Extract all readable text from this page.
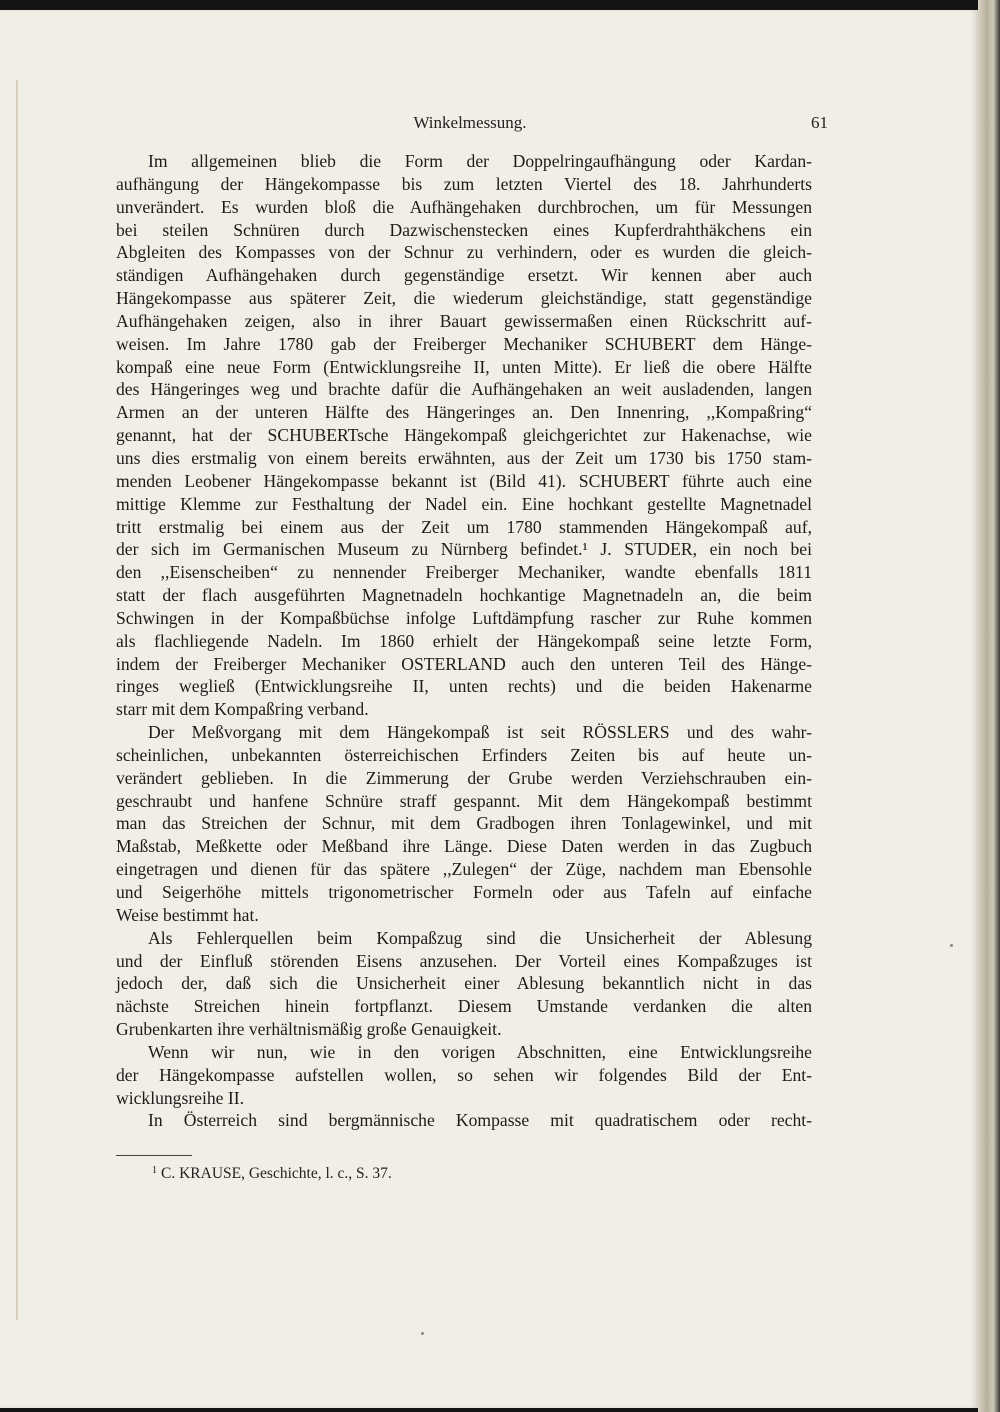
Winkelmessung.	61
Im allgemeinen blieb die Form der Doppelringaufhängung oder Kardan-
aufhängung der Hängekompasse bis zum letzten Viertel des 18. Jahrhunderts
unverändert. Es wurden bloß die Aufhängehaken durchbrochen, um für Messungen
bei steilen Schnüren durch Dazwischenstecken eines Kupferdrahthäkchens ein
Abgleiten des Kompasses von der Schnur zu verhindern, oder es wurden die gleich-
ständigen Aufhängehaken durch gegenständige ersetzt. Wir kennen aber auch
Hängekompasse aus späterer Zeit, die wiederum gleichständige, statt gegenständige
Aufhängehaken zeigen, also in ihrer Bauart gewissermaßen einen Rückschritt auf-
weisen. Im Jahre 1780 gab der Freiberger Mechaniker SCHUBERT dem Hänge-
kompaß eine neue Form (Entwicklungsreihe II, unten Mitte). Er ließ die obere Hälfte
des Hängeringes weg und brachte dafür die Aufhängehaken an weit ausladenden, langen
Armen an der unteren Hälfte des Hängeringes an. Den Innenring, ,,Kompaßring“
genannt, hat der SCHUBERTsche Hängekompaß gleichgerichtet zur Hakenachse, wie
uns dies erstmalig von einem bereits erwähnten, aus der Zeit um 1730 bis 1750 stam-
menden Leobener Hängekompasse bekannt ist (Bild 41). SCHUBERT führte auch eine
mittige Klemme zur Festhaltung der Nadel ein. Eine hochkant gestellte Magnetnadel
tritt erstmalig bei einem aus der Zeit um 1780 stammenden Hängekompaß auf,
der sich im Germanischen Museum zu Nürnberg befindet.¹ J. STUDER, ein noch bei
den ,,Eisenscheiben“ zu nennender Freiberger Mechaniker, wandte ebenfalls 1811
statt der flach ausgeführten Magnetnadeln hochkantige Magnetnadeln an, die beim
Schwingen in der Kompaßbüchse infolge Luftdämpfung rascher zur Ruhe kommen
als flachliegende Nadeln. Im 1860 erhielt der Hängekompaß seine letzte Form,
indem der Freiberger Mechaniker OSTERLAND auch den unteren Teil des Hänge-
ringes wegließ (Entwicklungsreihe II, unten rechts) und die beiden Hakenarme
starr mit dem Kompaßring verband.
Der Meßvorgang mit dem Hängekompaß ist seit RÖSSLERS und des wahr-
scheinlichen, unbekannten österreichischen Erfinders Zeiten bis auf heute un-
verändert geblieben. In die Zimmerung der Grube werden Verziehschrauben ein-
geschraubt und hanfene Schnüre straff gespannt. Mit dem Hängekompaß bestimmt
man das Streichen der Schnur, mit dem Gradbogen ihren Tonlagewinkel, und mit
Maßstab, Meßkette oder Meßband ihre Länge. Diese Daten werden in das Zugbuch
eingetragen und dienen für das spätere ,,Zulegen“ der Züge, nachdem man Ebensohle
und Seigerhöhe mittels trigonometrischer Formeln oder aus Tafeln auf einfache
Weise bestimmt hat.
Als Fehlerquellen beim Kompaßzug sind die Unsicherheit der Ablesung
und der Einfluß störenden Eisens anzusehen. Der Vorteil eines Kompaßzuges ist
jedoch der, daß sich die Unsicherheit einer Ablesung bekanntlich nicht in das
nächste Streichen hinein fortpflanzt. Diesem Umstande verdanken die alten
Grubenkarten ihre verhältnismäßig große Genauigkeit.
Wenn wir nun, wie in den vorigen Abschnitten, eine Entwicklungsreihe
der Hängekompasse aufstellen wollen, so sehen wir folgendes Bild der Ent-
wicklungsreihe II.
In Österreich sind bergmännische Kompasse mit quadratischem oder recht-
$^1$ C. KRAUSE, Geschichte, l. c., S. 37.
